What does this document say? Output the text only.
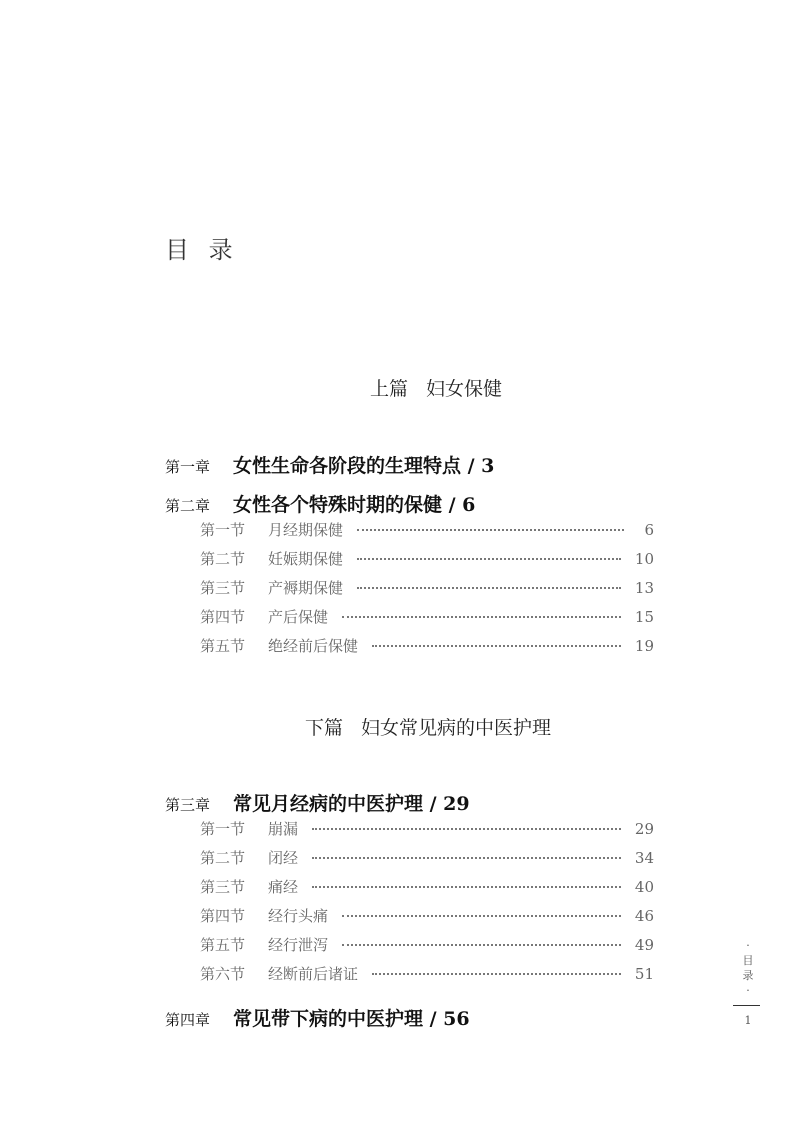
目 录
上篇 妇女保健
第一章	女性生命各阶段的生理特点 / 3
第二章	女性各个特殊时期的保健 / 6
第一节	月经期保健	6
第二节	妊娠期保健	10
第三节	产褥期保健	13
第四节	产后保健	15
第五节	绝经前后保健	19
下篇 妇女常见病的中医护理
第三章	常见月经病的中医护理 / 29
第一节	崩漏	29
第二节	闭经	34
第三节	痛经	40
第四节	经行头痛	46
第五节	经行泄泻	49
第六节	经断前后诸证	51
第四章	常见带下病的中医护理 / 56
·
目
录
·
1
